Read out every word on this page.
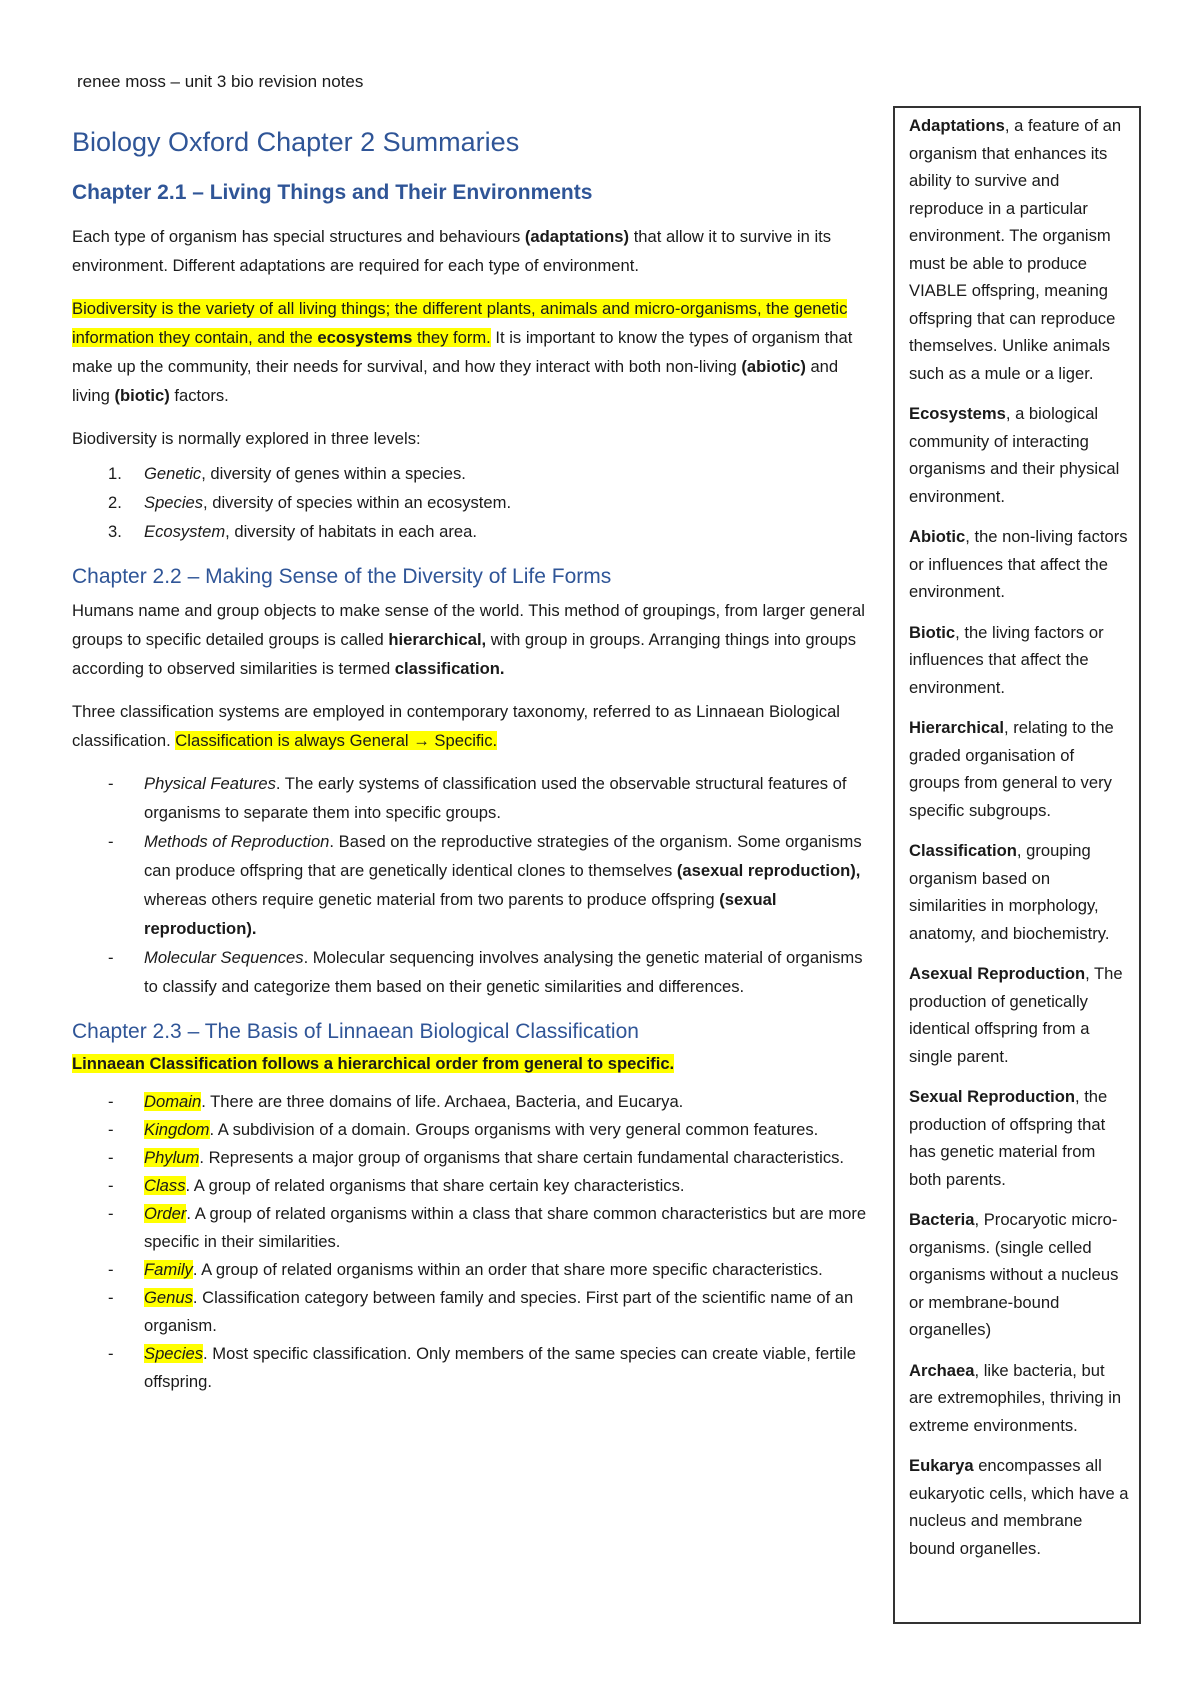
renee moss – unit 3 bio revision notes
Biology Oxford Chapter 2 Summaries
Chapter 2.1 – Living Things and Their Environments

Each type of organism has special structures and behaviours (adaptations) that allow it to survive in its environment. Different adaptations are required for each type of environment.

Biodiversity is the variety of all living things; the different plants, animals and micro-organisms, the genetic information they contain, and the ecosystems they form. It is important to know the types of organism that make up the community, their needs for survival, and how they interact with both non-living (abiotic) and living (biotic) factors.

Biodiversity is normally explored in three levels:

1. Genetic, diversity of genes within a species.
2. Species, diversity of species within an ecosystem.
3. Ecosystem, diversity of habitats in each area.
Chapter 2.2 – Making Sense of the Diversity of Life Forms

Humans name and group objects to make sense of the world. This method of groupings, from larger general groups to specific detailed groups is called hierarchical, with group in groups. Arranging things into groups according to observed similarities is termed classification.

Three classification systems are employed in contemporary taxonomy, referred to as Linnaean Biological classification. Classification is always General → Specific.

- Physical Features. The early systems of classification used the observable structural features of organisms to separate them into specific groups.
- Methods of Reproduction. Based on the reproductive strategies of the organism. Some organisms can produce offspring that are genetically identical clones to themselves (asexual reproduction), whereas others require genetic material from two parents to produce offspring (sexual reproduction).
- Molecular Sequences. Molecular sequencing involves analysing the genetic material of organisms to classify and categorize them based on their genetic similarities and differences.
Chapter 2.3 – The Basis of Linnaean Biological Classification

Linnaean Classification follows a hierarchical order from general to specific.

- Domain. There are three domains of life. Archaea, Bacteria, and Eucarya.
- Kingdom. A subdivision of a domain. Groups organisms with very general common features.
- Phylum. Represents a major group of organisms that share certain fundamental characteristics.
- Class. A group of related organisms that share certain key characteristics.
- Order. A group of related organisms within a class that share common characteristics but are more specific in their similarities.
- Family. A group of related organisms within an order that share more specific characteristics.
- Genus. Classification category between family and species. First part of the scientific name of an organism.
- Species. Most specific classification. Only members of the same species can create viable, fertile offspring.
Adaptations, a feature of an organism that enhances its ability to survive and reproduce in a particular environment. The organism must be able to produce VIABLE offspring, meaning offspring that can reproduce themselves. Unlike animals such as a mule or a liger.
Ecosystems, a biological community of interacting organisms and their physical environment.
Abiotic, the non-living factors or influences that affect the environment.
Biotic, the living factors or influences that affect the environment.
Hierarchical, relating to the graded organisation of groups from general to very specific subgroups.
Classification, grouping organism based on similarities in morphology, anatomy, and biochemistry.
Asexual Reproduction, The production of genetically identical offspring from a single parent.
Sexual Reproduction, the production of offspring that has genetic material from both parents.
Bacteria, Procaryotic micro-organisms. (single celled organisms without a nucleus or membrane-bound organelles)
Archaea, like bacteria, but are extremophiles, thriving in extreme environments.
Eukarya encompasses all eukaryotic cells, which have a nucleus and membrane bound organelles.
